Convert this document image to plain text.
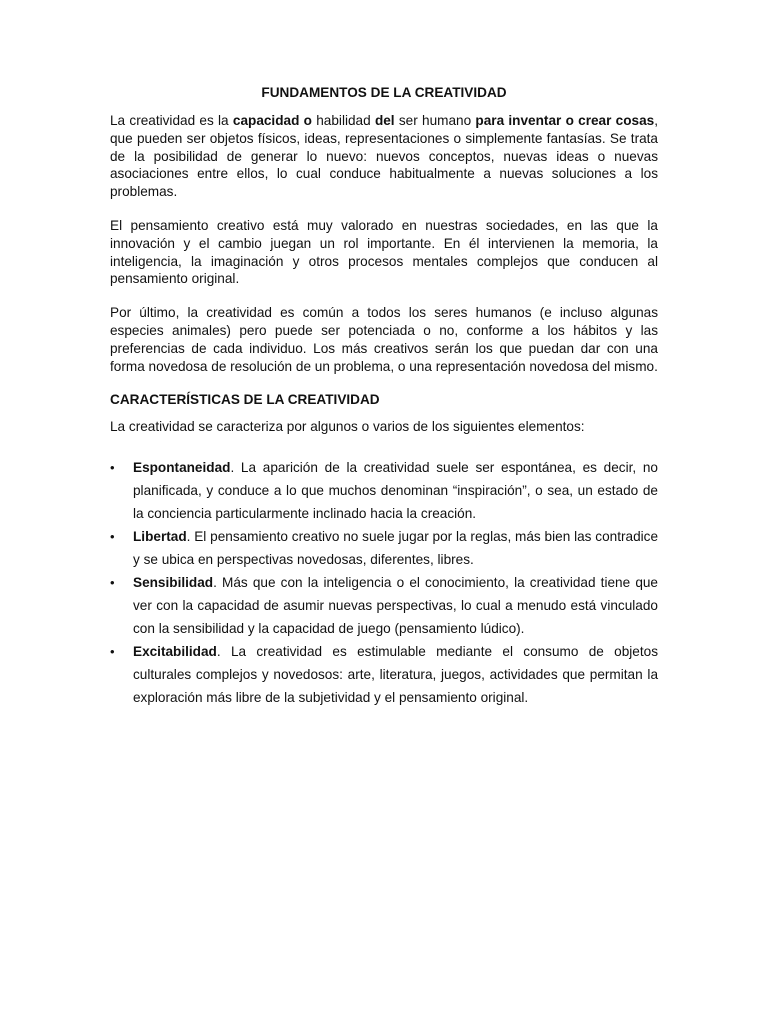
FUNDAMENTOS DE LA CREATIVIDAD

La creatividad es la capacidad o habilidad del ser humano para inventar o crear cosas, que pueden ser objetos físicos, ideas, representaciones o simplemente fantasías. Se trata de la posibilidad de generar lo nuevo: nuevos conceptos, nuevas ideas o nuevas asociaciones entre ellos, lo cual conduce habitualmente a nuevas soluciones a los problemas.

El pensamiento creativo está muy valorado en nuestras sociedades, en las que la innovación y el cambio juegan un rol importante. En él intervienen la memoria, la inteligencia, la imaginación y otros procesos mentales complejos que conducen al pensamiento original.

Por último, la creatividad es común a todos los seres humanos (e incluso algunas especies animales) pero puede ser potenciada o no, conforme a los hábitos y las preferencias de cada individuo. Los más creativos serán los que puedan dar con una forma novedosa de resolución de un problema, o una representación novedosa del mismo.

CARACTERÍSTICAS DE LA CREATIVIDAD
La creatividad se caracteriza por algunos o varios de los siguientes elementos:
• Espontaneidad. La aparición de la creatividad suele ser espontánea, es decir, no planificada, y conduce a lo que muchos denominan “inspiración”, o sea, un estado de la conciencia particularmente inclinado hacia la creación.
• Libertad. El pensamiento creativo no suele jugar por la reglas, más bien las contradice y se ubica en perspectivas novedosas, diferentes, libres.
• Sensibilidad. Más que con la inteligencia o el conocimiento, la creatividad tiene que ver con la capacidad de asumir nuevas perspectivas, lo cual a menudo está vinculado con la sensibilidad y la capacidad de juego (pensamiento lúdico).
• Excitabilidad. La creatividad es estimulable mediante el consumo de objetos culturales complejos y novedosos: arte, literatura, juegos, actividades que permitan la exploración más libre de la subjetividad y el pensamiento original.
